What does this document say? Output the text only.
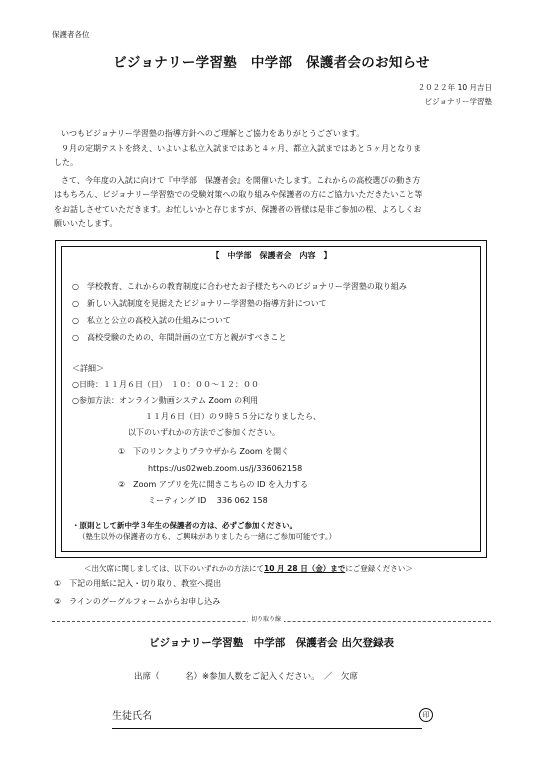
保護者各位
ビジョナリー学習塾　中学部　保護者会のお知らせ
２０２２年 10 月吉日
ビジョナリー学習塾
いつもビジョナリー学習塾の指導方針へのご理解とご協力をありがとうございます。
９月の定期テストを終え、いよいよ私立入試まではあと４ヶ月、都立入試まではあと５ヶ月となりま
した。
さて、今年度の入試に向けて『中学部　保護者会』を開催いたします。これからの高校選びの動き方
はもちろん、ビジョナリー学習塾での受験対策への取り組みや保護者の方にご協力いただきたいこと等
をお話しさせていただきます。お忙しいかと存じますが、保護者の皆様は是非ご参加の程、よろしくお
願いいたします。
【　中学部　保護者会　内容　】
○　学校教育、これからの教育制度に合わせたお子様たちへのビジョナリー学習塾の取り組み
○　新しい入試制度を見据えたビジョナリー学習塾の指導方針について
○　私立と公立の高校入試の仕組みについて
○　高校受験のための、年間計画の立て方と親がすべきこと
＜詳細＞
○日時：１１月６日（日）　１０：００～１２：００
○参加方法：オンライン動画システム Zoom の利用
１１月６日（日）の９時５５分になりましたら、
以下のいずれかの方法でご参加ください。
①　下のリンクよりブラウザから Zoom を開く
https://us02web.zoom.us/j/336062158
②　Zoom アプリを先に開きこちらの ID を入力する
ミーティング ID　 336 062 158
・原則として新中学３年生の保護者の方は、必ずご参加ください。
（塾生以外の保護者の方も、ご興味がありましたら一緒にご参加可能です。）
＜出欠席に関しましては、以下のいずれかの方法にて10 月 28 日（金）までにご登録ください＞
①　下記の用紙に記入・切り取り、教室へ提出
②　ラインのグーグルフォームからお申し込み
切り取り線
ビジョナリー学習塾　中学部　保護者会 出欠登録表
出席（　　　名）※参加人数をご記入ください。　／　欠席
生徒氏名	印
